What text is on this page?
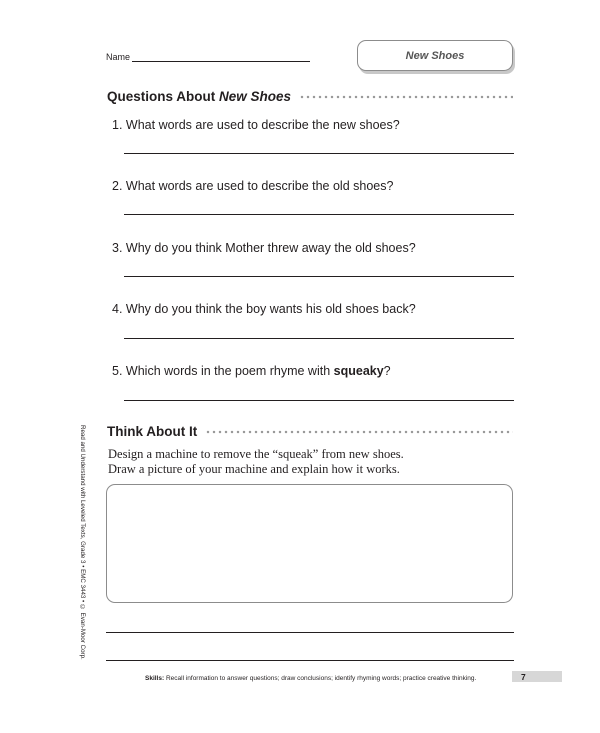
Name	New Shoes
Questions About New Shoes
1. What words are used to describe the new shoes?
2. What words are used to describe the old shoes?
3. Why do you think Mother threw away the old shoes?
4. Why do you think the boy wants his old shoes back?
5. Which words in the poem rhyme with squeaky?
Think About It
Design a machine to remove the “squeak” from new shoes.
Draw a picture of your machine and explain how it works.
Read and Understand with Leveled Texts, Grade 3 • EMC 3443 • © Evan-Moor Corp.
Skills: Recall information to answer questions; draw conclusions; identify rhyming words; practice creative thinking.	7
